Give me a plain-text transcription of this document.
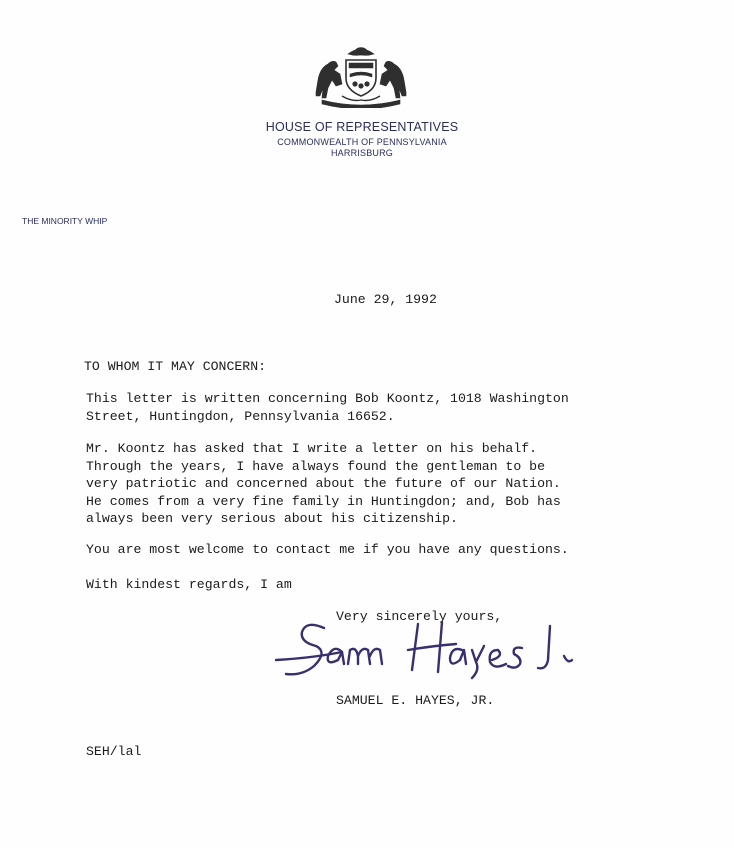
HOUSE OF REPRESENTATIVES
COMMONWEALTH OF PENNSYLVANIA
HARRISBURG
THE MINORITY WHIP
June 29, 1992
TO WHOM IT MAY CONCERN:
This letter is written concerning Bob Koontz, 1018 Washington
Street, Huntingdon, Pennsylvania 16652.
Mr. Koontz has asked that I write a letter on his behalf.
Through the years, I have always found the gentleman to be
very patriotic and concerned about the future of our Nation.
He comes from a very fine family in Huntingdon; and, Bob has
always been very serious about his citizenship.
You are most welcome to contact me if you have any questions.
With kindest regards, I am
Very sincerely yours,
SAMUEL E. HAYES, JR.
SEH/lal
